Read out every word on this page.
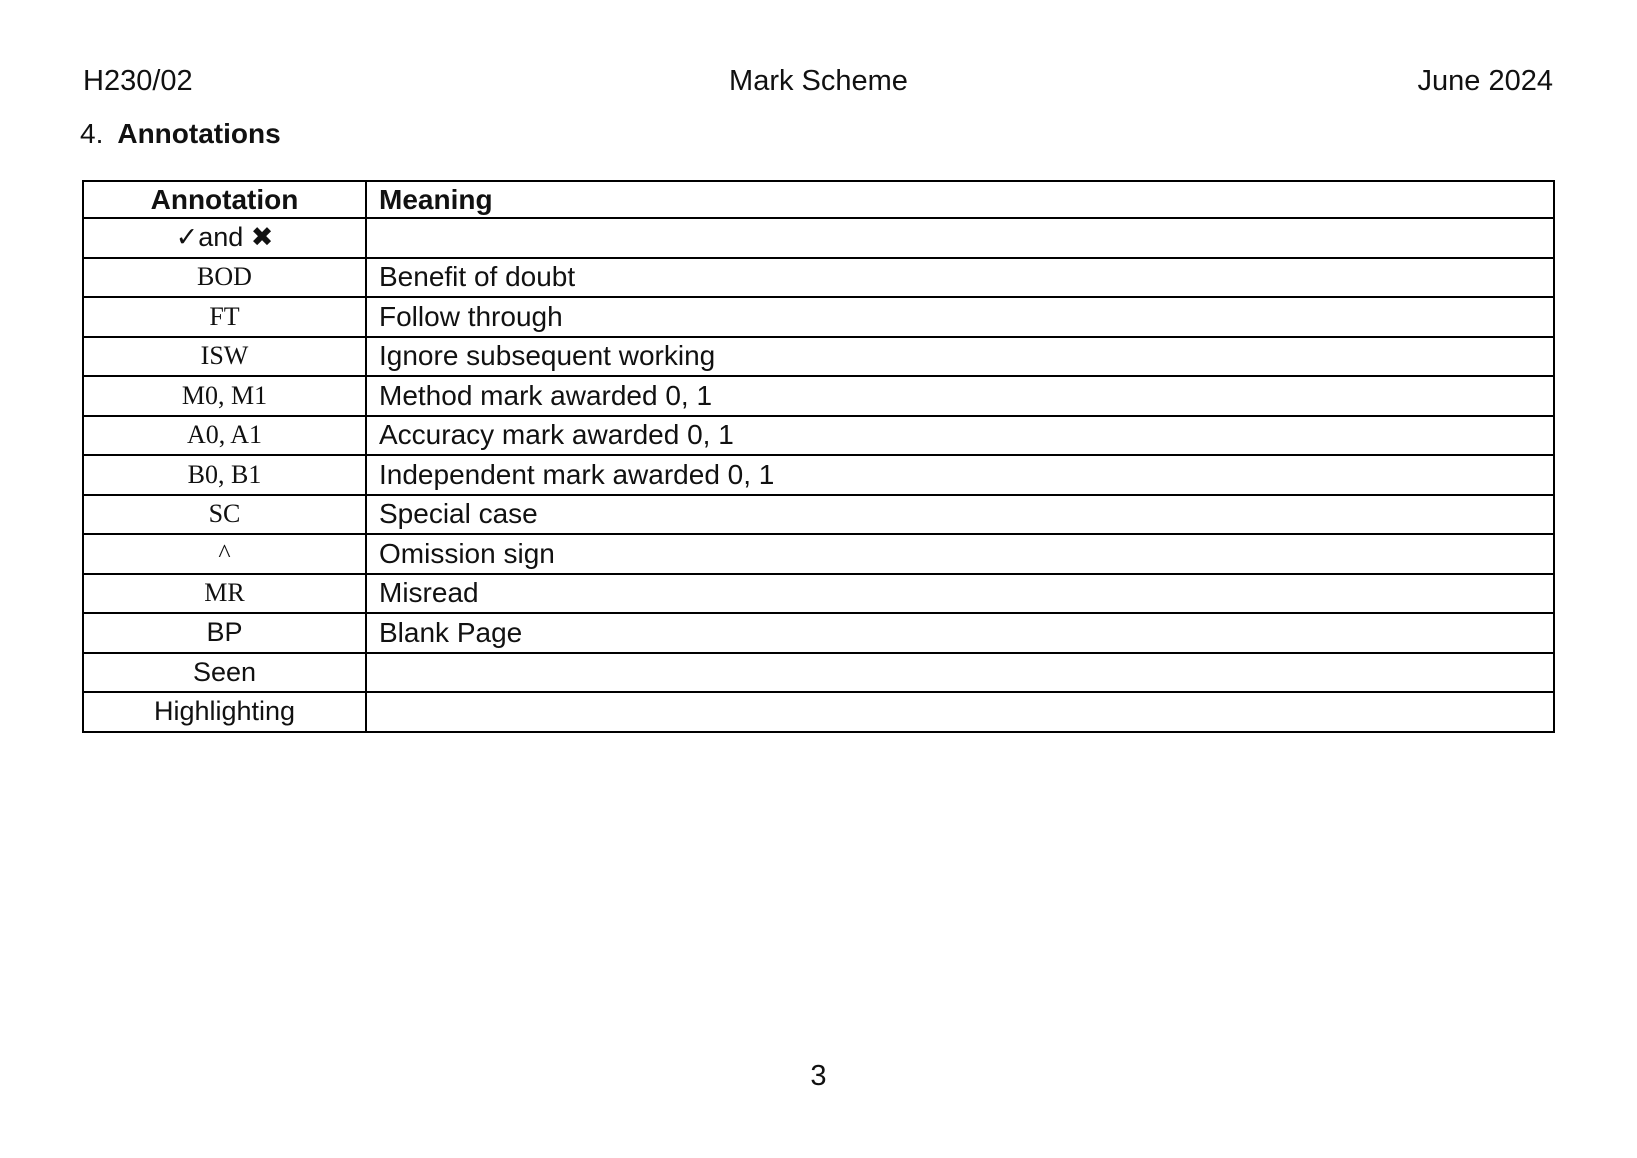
H230/02	Mark Scheme	June 2024
4. Annotations
Annotation	Meaning
✓and ✖	
BOD	Benefit of doubt
FT	Follow through
ISW	Ignore subsequent working
M0, M1	Method mark awarded 0, 1
A0, A1	Accuracy mark awarded 0, 1
B0, B1	Independent mark awarded 0, 1
SC	Special case
^	Omission sign
MR	Misread
BP	Blank Page
Seen	
Highlighting	
3
